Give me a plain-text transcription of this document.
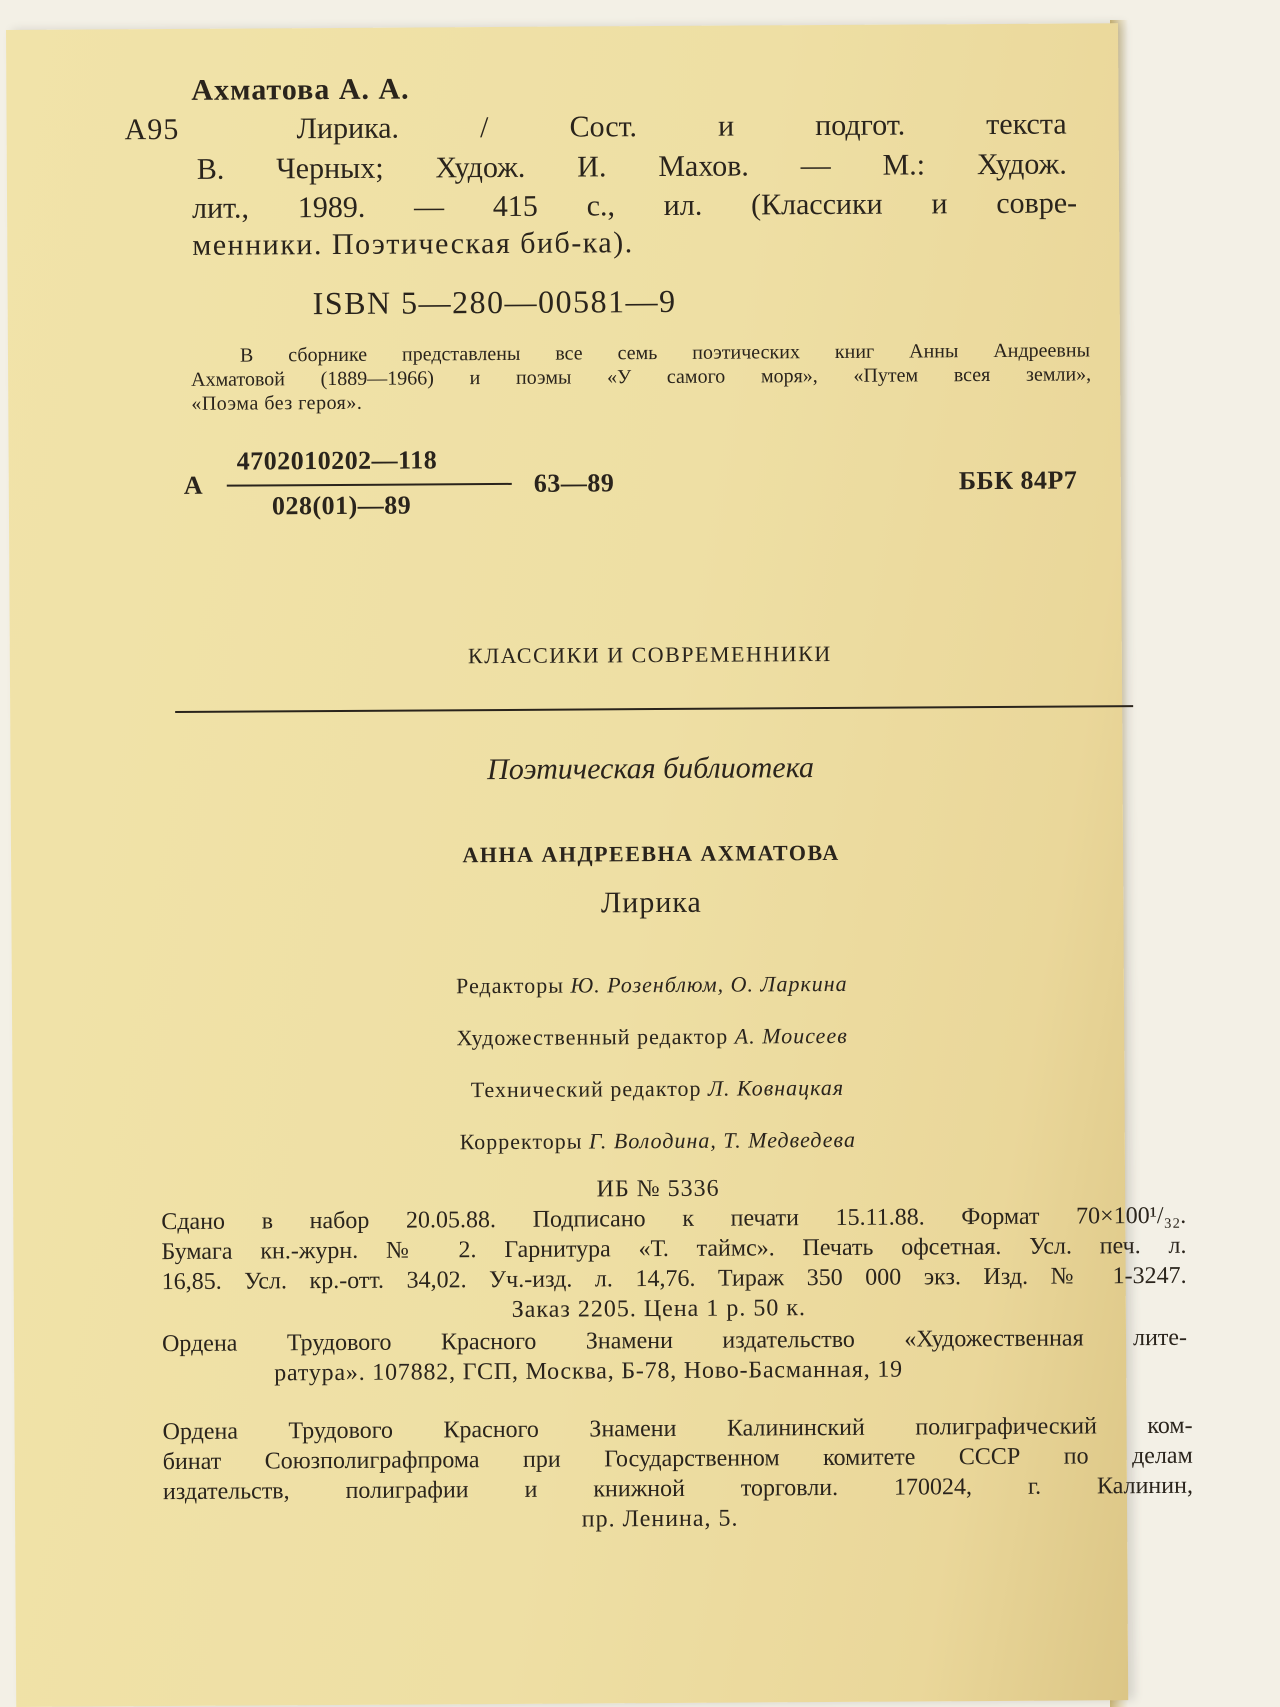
Ахматова А. А.

А95	Лирика. / Сост. и подгот. текста

В. Черных; Худож. И. Махов. — М.: Худож.

лит., 1989. — 415 с., ил. (Классики и совре-

менники. Поэтическая биб-ка).

ISBN 5—280—00581—9

В сборнике представлены все семь поэтических книг Анны Андреевны

Ахматовой (1889—1966) и поэмы «У самого моря», «Путем всея земли»,

«Поэма без героя».

А

4702010202—118

028(01)—89

63—89	ББК 84Р7

КЛАССИКИ И СОВРЕМЕННИКИ

Поэтическая библиотека

АННА АНДРЕЕВНА АХМАТОВА

Лирика

Редакторы Ю. Розенблюм, О. Ларкина

Художественный редактор А. Моисеев

Технический редактор Л. Ковнацкая

Корректоры Г. Володина, Т. Медведева

ИБ № 5336

Сдано в набор 20.05.88. Подписано к печати 15.11.88. Формат 70×100¹/₃₂.

Бумага кн.-журн. № 2. Гарнитура «Т. таймс». Печать офсетная. Усл. печ. л.

16,85. Усл. кр.-отт. 34,02. Уч.-изд. л. 14,76. Тираж 350 000 экз. Изд. № 1-3247.

Заказ 2205. Цена 1 р. 50 к.

Ордена Трудового Красного Знамени издательство «Художественная лите-

ратура». 107882, ГСП, Москва, Б-78, Ново-Басманная, 19

Ордена Трудового Красного Знамени Калининский полиграфический ком-

бинат Союзполиграфпрома при Государственном комитете СССР по делам

издательств, полиграфии и книжной торговли. 170024, г. Калинин,

пр. Ленина, 5.
